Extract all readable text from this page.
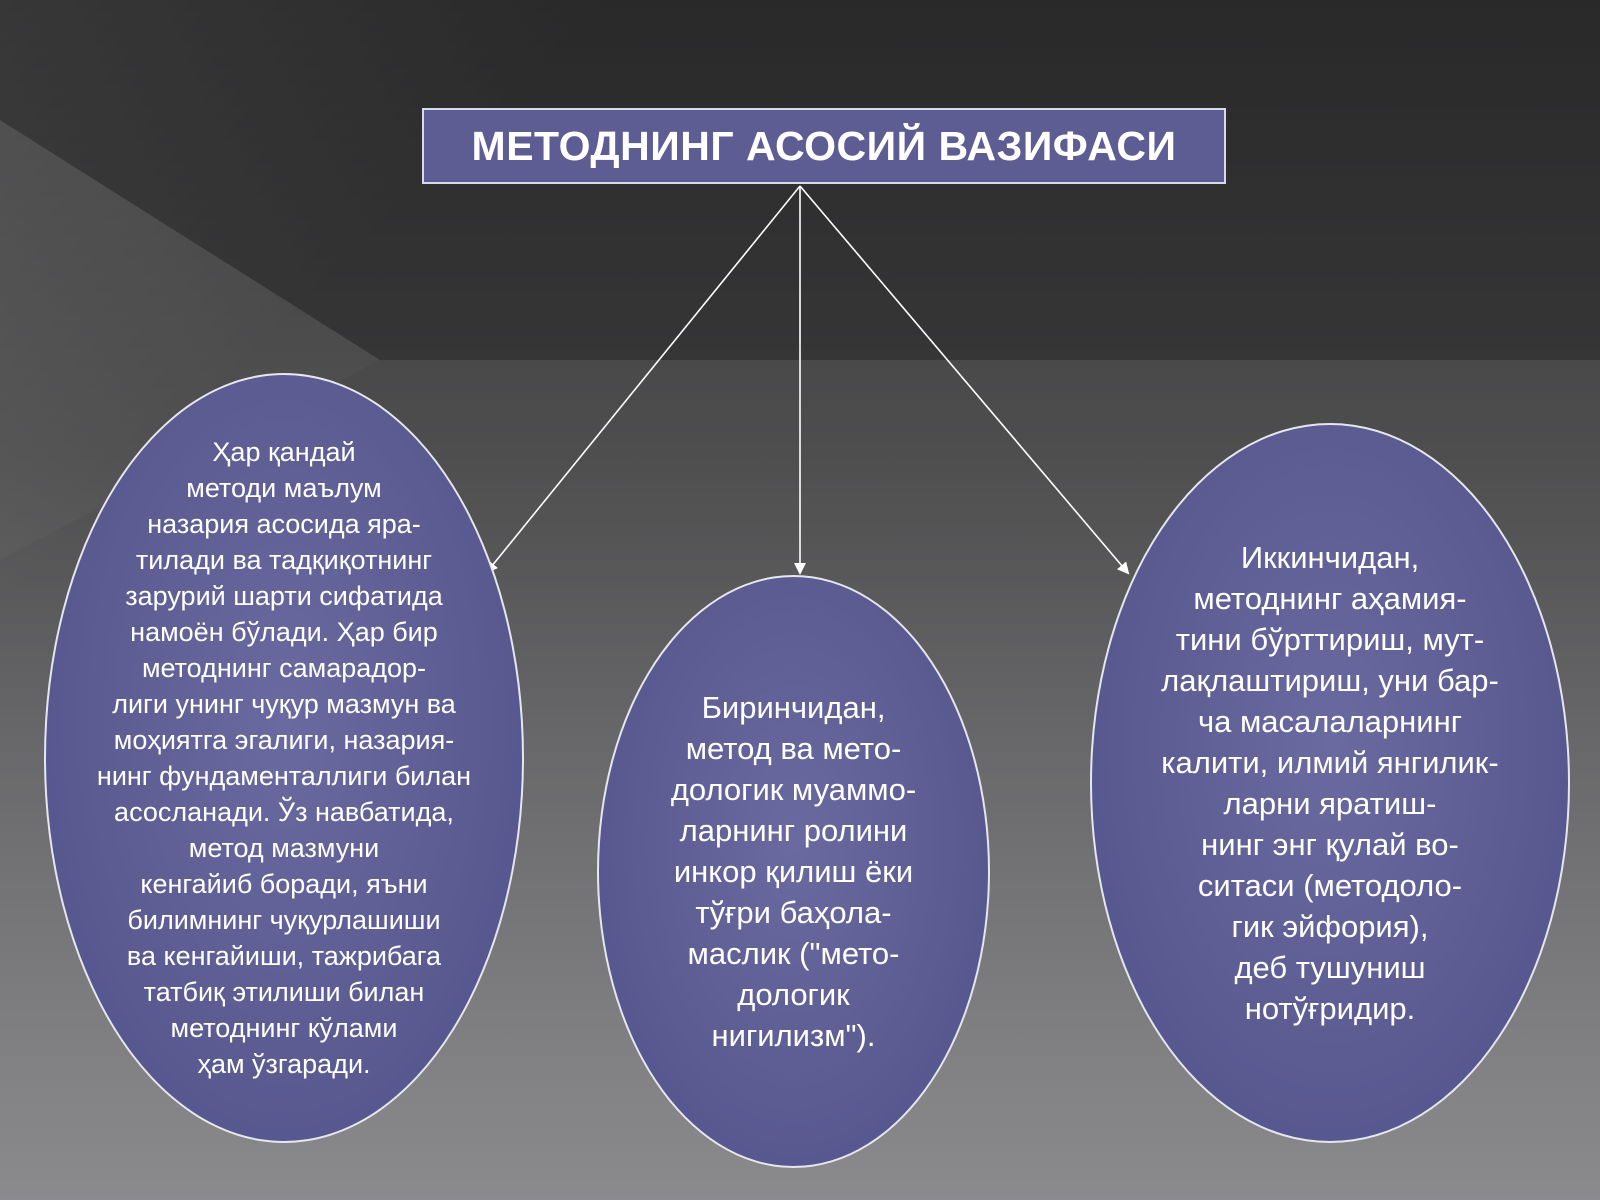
МЕТОДНИНГ АСОСИЙ ВАЗИФАСИ
Ҳар қандай
методи маълум
назария асосида яра-
тилади ва тадқиқотнинг
зарурий шарти сифатида
намоён бўлади. Ҳар бир
методнинг самарадор-
лиги унинг чуқур мазмун ва
моҳиятга эгалиги, назария-
нинг фундаменталлиги билан
асосланади. Ўз навбатида,
метод мазмуни
кенгайиб боради, яъни
билимнинг чуқурлашиши
ва кенгайиши, тажрибага
татбиқ этилиши билан
методнинг кўлами
ҳам ўзгаради.
Биринчидан,
метод ва мето-
дологик муаммо-
ларнинг ролини
инкор қилиш ёки
тўғри баҳола-
маслик ("мето-
дологик
нигилизм").
Иккинчидан,
методнинг аҳамия-
тини бўрттириш, мут-
лақлаштириш, уни бар-
ча масалаларнинг
калити, илмий янгилик-
ларни яратиш-
нинг энг қулай во-
ситаси (методоло-
гик эйфория),
деб тушуниш
нотўғридир.
